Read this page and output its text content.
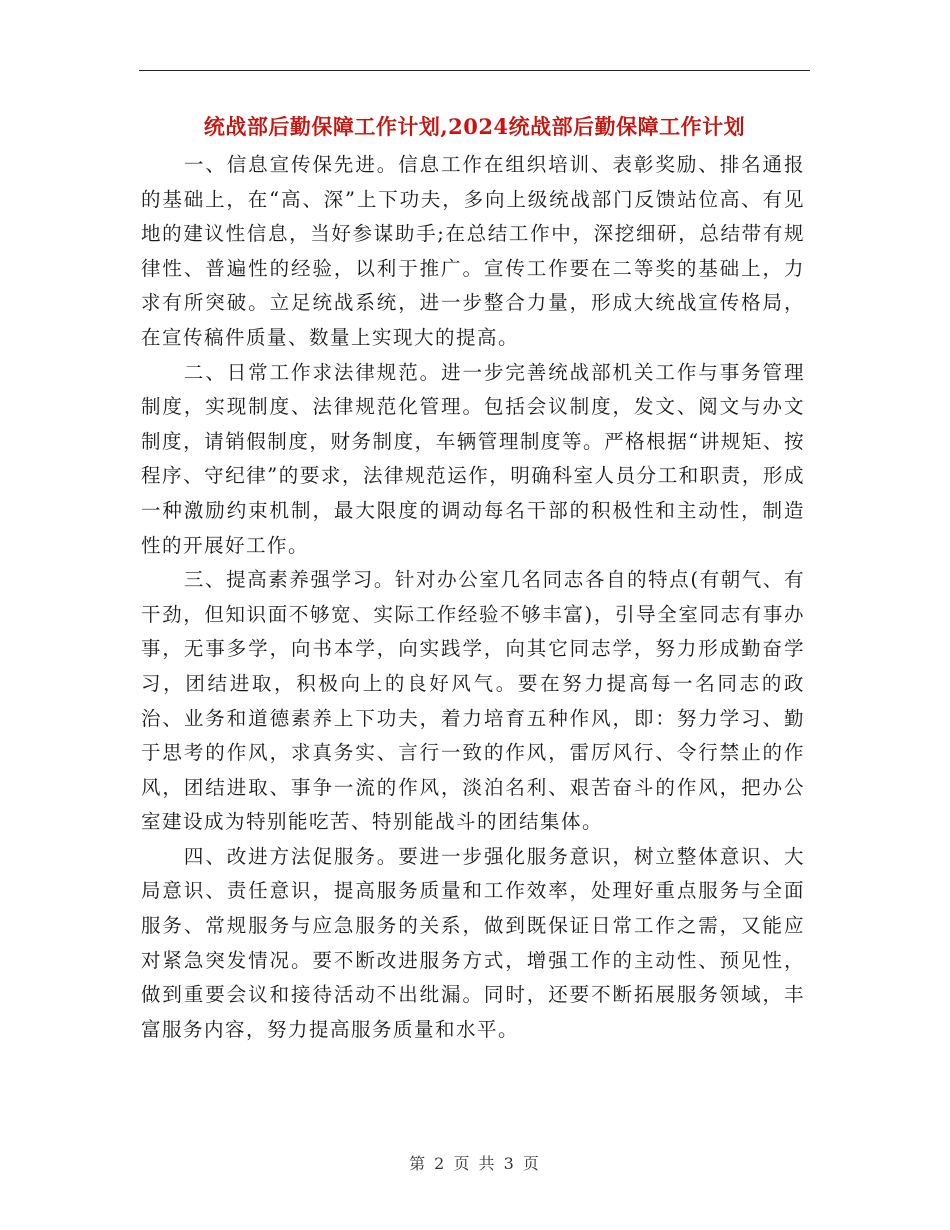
统战部后勤保障工作计划,2024统战部后勤保障工作计划

一、信息宣传保先进。信息工作在组织培训、表彰奖励、排名通报的基础上，在“高、深”上下功夫，多向上级统战部门反馈站位高、有见地的建议性信息，当好参谋助手;在总结工作中，深挖细研，总结带有规律性、普遍性的经验，以利于推广。宣传工作要在二等奖的基础上，力求有所突破。立足统战系统，进一步整合力量，形成大统战宣传格局，在宣传稿件质量、数量上实现大的提高。

二、日常工作求法律规范。进一步完善统战部机关工作与事务管理制度，实现制度、法律规范化管理。包括会议制度，发文、阅文与办文制度，请销假制度，财务制度，车辆管理制度等。严格根据“讲规矩、按程序、守纪律”的要求，法律规范运作，明确科室人员分工和职责，形成一种激励约束机制，最大限度的调动每名干部的积极性和主动性，制造性的开展好工作。

三、提高素养强学习。针对办公室几名同志各自的特点(有朝气、有干劲，但知识面不够宽、实际工作经验不够丰富)，引导全室同志有事办事，无事多学，向书本学，向实践学，向其它同志学，努力形成勤奋学习，团结进取，积极向上的良好风气。要在努力提高每一名同志的政治、业务和道德素养上下功夫，着力培育五种作风，即：努力学习、勤于思考的作风，求真务实、言行一致的作风，雷厉风行、令行禁止的作风，团结进取、事争一流的作风，淡泊名利、艰苦奋斗的作风，把办公室建设成为特别能吃苦、特别能战斗的团结集体。

四、改进方法促服务。要进一步强化服务意识，树立整体意识、大局意识、责任意识，提高服务质量和工作效率，处理好重点服务与全面服务、常规服务与应急服务的关系，做到既保证日常工作之需，又能应对紧急突发情况。要不断改进服务方式，增强工作的主动性、预见性，做到重要会议和接待活动不出纰漏。同时，还要不断拓展服务领域，丰富服务内容，努力提高服务质量和水平。

第 2 页 共 3 页
